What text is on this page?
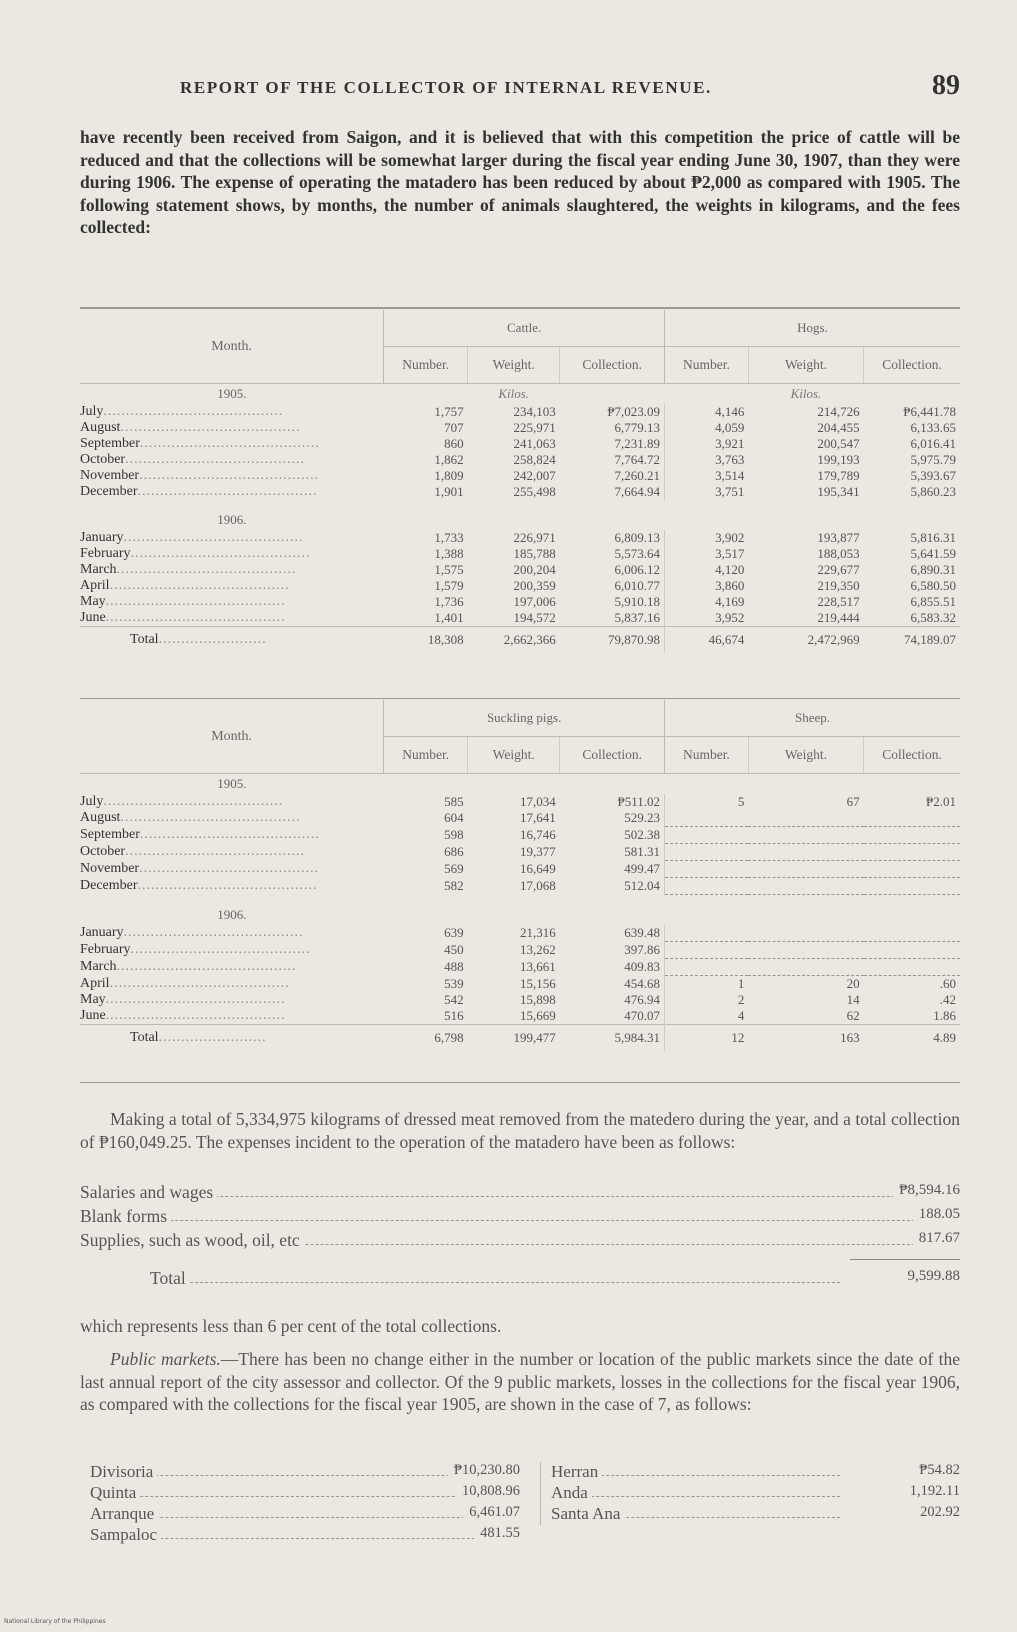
REPORT OF THE COLLECTOR OF INTERNAL REVENUE.	89

have recently been received from Saigon, and it is believed that with this competition the price of cattle will be reduced and that the collections will be somewhat larger during the fiscal year ending June 30, 1907, than they were during 1906. The expense of operating the matadero has been reduced by about ₱2,000 as compared with 1905. The following statement shows, by months, the number of animals slaughtered, the weights in kilograms, and the fees collected:

Month.	Cattle.			Hogs.		
	Number.	Weight.	Collection.	Number.	Weight.	Collection.
1905.		Kilos.			Kilos.	
July........................................	1,757	234,103	₱7,023.09	4,146	214,726	₱6,441.78
August........................................	707	225,971	6,779.13	4,059	204,455	6,133.65
September........................................	860	241,063	7,231.89	3,921	200,547	6,016.41
October........................................	1,862	258,824	7,764.72	3,763	199,193	5,975.79
November........................................	1,809	242,007	7,260.21	3,514	179,789	5,393.67
December........................................	1,901	255,498	7,664.94	3,751	195,341	5,860.23

1906.						
January........................................	1,733	226,971	6,809.13	3,902	193,877	5,816.31
February........................................	1,388	185,788	5,573.64	3,517	188,053	5,641.59
March........................................	1,575	200,204	6,006.12	4,120	229,677	6,890.31
April........................................	1,579	200,359	6,010.77	3,860	219,350	6,580.50
May........................................	1,736	197,006	5,910.18	4,169	228,517	6,855.51
June........................................	1,401	194,572	5,837.16	3,952	219,444	6,583.32
Total........................	18,308	2,662,366	79,870.98	46,674	2,472,969	74,189.07
Month.	Suckling pigs.			Sheep.		
	Number.	Weight.	Collection.	Number.	Weight.	Collection.
1905.						
July........................................	585	17,034	₱511.02	5	67	₱2.01
August........................................	604	17,641	529.23			
September........................................	598	16,746	502.38			
October........................................	686	19,377	581.31			
November........................................	569	16,649	499.47			
December........................................	582	17,068	512.04			

1906.						
January........................................	639	21,316	639.48			
February........................................	450	13,262	397.86			
March........................................	488	13,661	409.83			
April........................................	539	15,156	454.68	1	20	.60
May........................................	542	15,898	476.94	2	14	.42
June........................................	516	15,669	470.07	4	62	1.86
Total........................	6,798	199,477	5,984.31	12	163	4.89

Making a total of 5,334,975 kilograms of dressed meat removed from the matedero during the year, and a total collection of ₱160,049.25. The expenses incident to the operation of the matadero have been as follows:

Salaries and wages	₱8,594.16
Blank forms	188.05
Supplies, such as wood, oil, etc	817.67
Total	9,599.88

which represents less than 6 per cent of the total collections.

Public markets.—There has been no change either in the number or location of the public markets since the date of the last annual report of the city assessor and collector. Of the 9 public markets, losses in the collections for the fiscal year 1906, as compared with the collections for the fiscal year 1905, are shown in the case of 7, as follows:

Divisoria	₱10,230.80
Quinta	10,808.96
Arranque	6,461.07
Sampaloc	481.55
Herran	₱54.82
Anda	1,192.11
Santa Ana	202.92
National Library of the Philippines
